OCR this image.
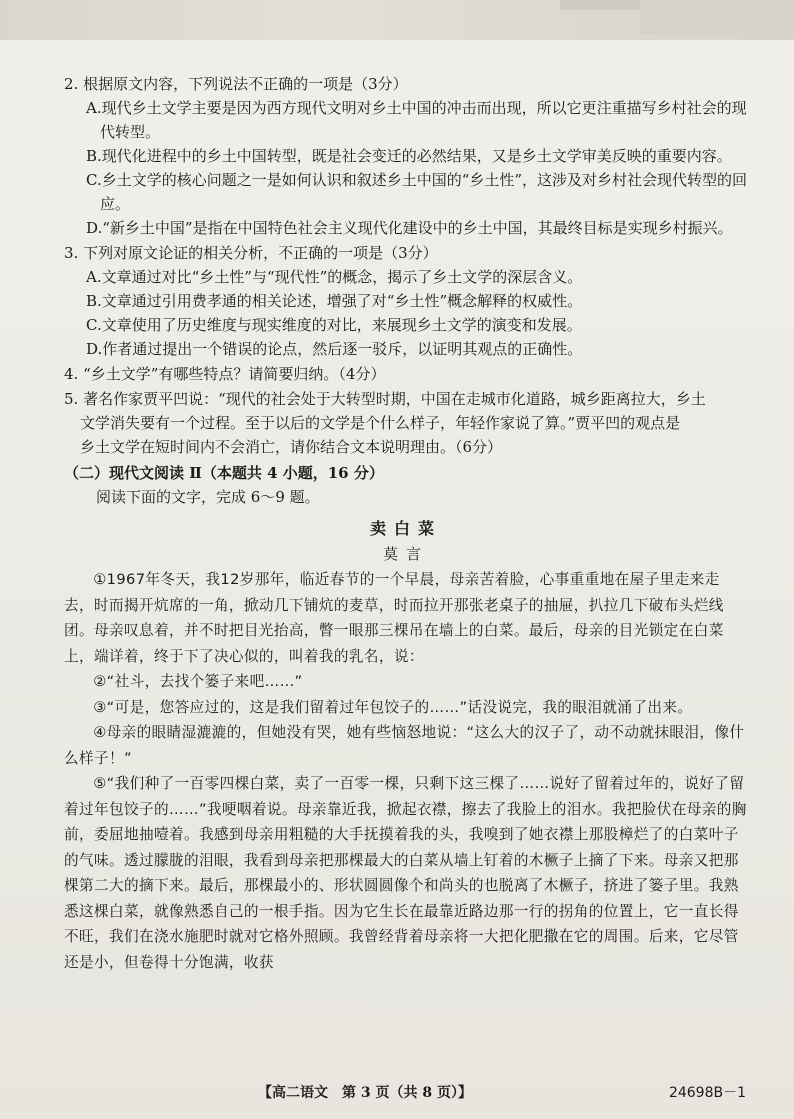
2. 根据原文内容，下列说法不正确的一项是（3分）
A.现代乡土文学主要是因为西方现代文明对乡土中国的冲击而出现，所以它更注重描写乡村社会的现代转型。
B.现代化进程中的乡土中国转型，既是社会变迁的必然结果，又是乡土文学审美反映的重要内容。
C.乡土文学的核心问题之一是如何认识和叙述乡土中国的“乡土性”，这涉及对乡村社会现代转型的回应。
D.“新乡土中国”是指在中国特色社会主义现代化建设中的乡土中国，其最终目标是实现乡村振兴。
3. 下列对原文论证的相关分析，不正确的一项是（3分）
A.文章通过对比“乡土性”与“现代性”的概念，揭示了乡土文学的深层含义。
B.文章通过引用费孝通的相关论述，增强了对“乡土性”概念解释的权威性。
C.文章使用了历史维度与现实维度的对比，来展现乡土文学的演变和发展。
D.作者通过提出一个错误的论点，然后逐一驳斥，以证明其观点的正确性。
4. “乡土文学”有哪些特点？请简要归纳。（4分）
5. 著名作家贾平凹说：“现代的社会处于大转型时期，中国在走城市化道路，城乡距离拉大，乡土
文学消失要有一个过程。至于以后的文学是个什么样子，年轻作家说了算。”贾平凹的观点是
乡土文学在短时间内不会消亡，请你结合文本说明理由。（6分）
（二）现代文阅读 Ⅱ（本题共 4 小题，16 分）
阅读下面的文字，完成 6～9 题。
卖白菜
莫言

①1967年冬天，我12岁那年，临近春节的一个早晨，母亲苦着脸，心事重重地在屋子里走来走去，时而揭开炕席的一角，掀动几下铺炕的麦草，时而拉开那张老桌子的抽屉，扒拉几下破布头烂线团。母亲叹息着，并不时把目光抬高，瞥一眼那三棵吊在墙上的白菜。最后，母亲的目光锁定在白菜上，端详着，终于下了决心似的，叫着我的乳名，说：

②“社斗，去找个篓子来吧……”

③“可是，您答应过的，这是我们留着过年包饺子的……”话没说完，我的眼泪就涌了出来。

④母亲的眼睛湿漉漉的，但她没有哭，她有些恼怒地说：“这么大的汉子了，动不动就抹眼泪，像什么样子！”

⑤“我们种了一百零四棵白菜，卖了一百零一棵，只剩下这三棵了……说好了留着过年的，说好了留着过年包饺子的……”我哽咽着说。母亲靠近我，掀起衣襟，擦去了我脸上的泪水。我把脸伏在母亲的胸前，委屈地抽噎着。我感到母亲用粗糙的大手抚摸着我的头，我嗅到了她衣襟上那股樟烂了的白菜叶子的气味。透过朦胧的泪眼，我看到母亲把那棵最大的白菜从墙上钉着的木橛子上摘了下来。母亲又把那棵第二大的摘下来。最后，那棵最小的、形状圆圆像个和尚头的也脱离了木橛子，挤进了篓子里。我熟悉这棵白菜，就像熟悉自己的一根手指。因为它生长在最靠近路边那一行的拐角的位置上，它一直长得不旺，我们在浇水施肥时就对它格外照顾。我曾经背着母亲将一大把化肥撒在它的周围。后来，它尽管还是小，但卷得十分饱满，收获

【高二语文　第 3 页（共 8 页）】	24698B－1
